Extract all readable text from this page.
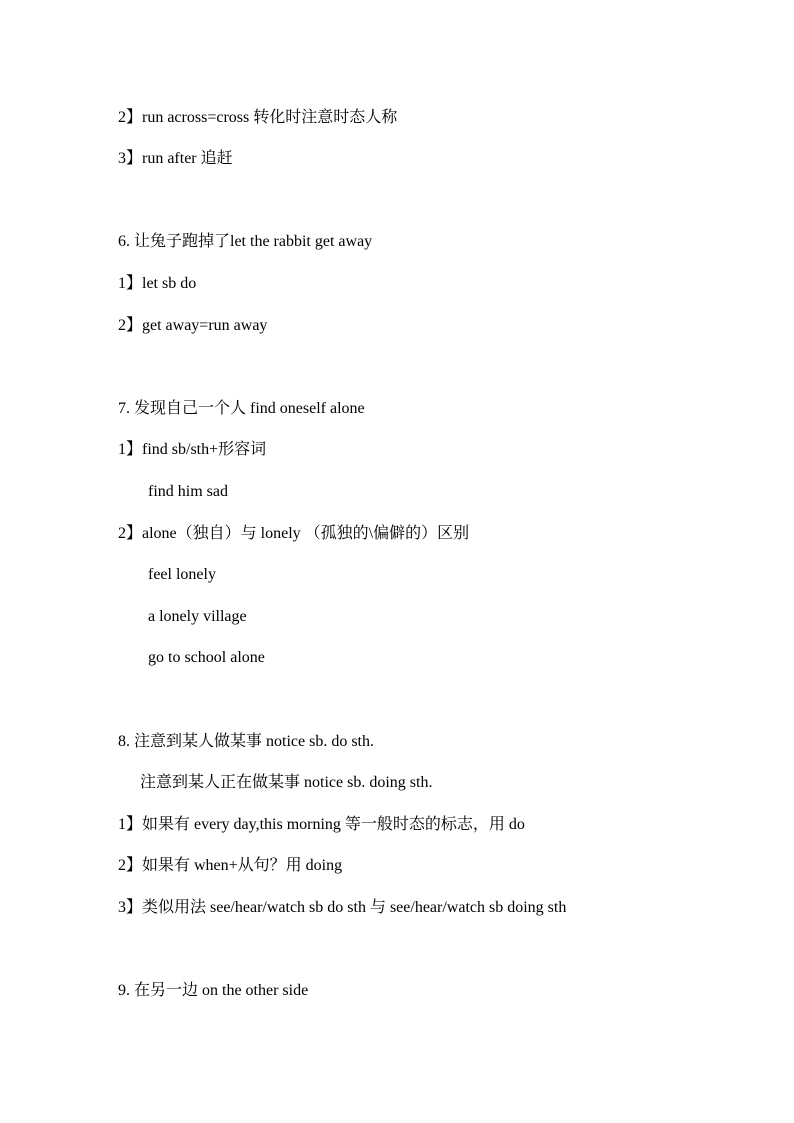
2】run across=cross 转化时注意时态人称
3】run after 追赶
6. 让兔子跑掉了let the rabbit get away
1】let sb do
2】get away=run away
7. 发现自己一个人 find oneself alone
1】find sb/sth+形容词
find him sad
2】alone（独自）与 lonely （孤独的\偏僻的）区别
feel lonely
a lonely village
go to school alone
8. 注意到某人做某事 notice sb. do sth.
注意到某人正在做某事 notice sb. doing sth.
1】如果有 every day,this morning 等一般时态的标志，用 do
2】如果有 when+从句？用 doing
3】类似用法 see/hear/watch sb do sth 与 see/hear/watch sb doing sth
9. 在另一边 on the other side
